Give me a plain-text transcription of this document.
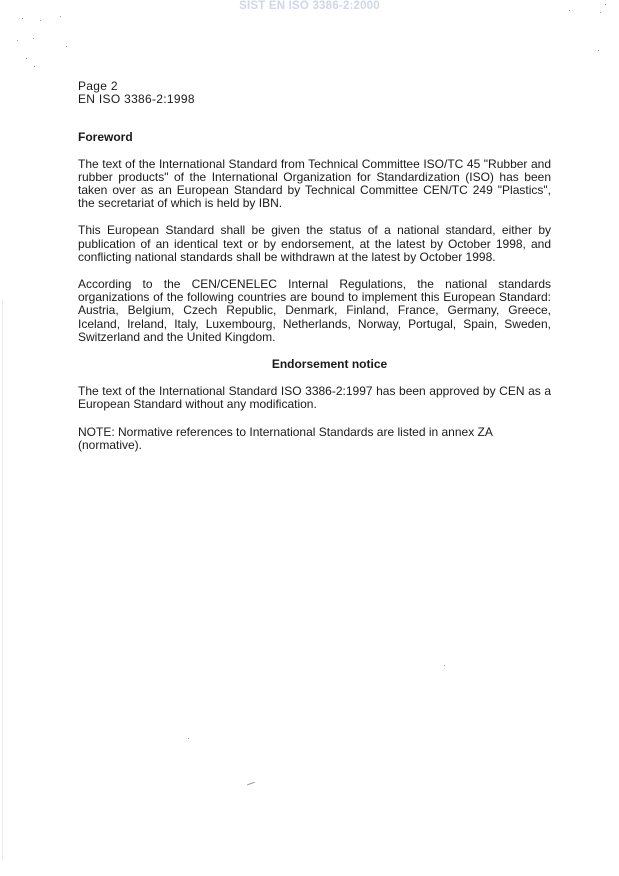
SIST EN ISO 3386-2:2000
Page 2
EN ISO 3386-2:1998
Foreword
The text of the International Standard from Technical Committee ISO/TC 45 "Rubber and rubber products" of the International Organization for Standardization (ISO) has been taken over as an European Standard by Technical Committee CEN/TC 249 "Plastics", the secretariat of which is held by IBN.
This European Standard shall be given the status of a national standard, either by publication of an identical text or by endorsement, at the latest by October 1998, and conflicting national standards shall be withdrawn at the latest by October 1998.
According to the CEN/CENELEC Internal Regulations, the national standards organizations of the following countries are bound to implement this European Standard: Austria, Belgium, Czech Republic, Denmark, Finland, France, Germany, Greece, Iceland, Ireland, Italy, Luxembourg, Netherlands, Norway, Portugal, Spain, Sweden, Switzerland and the United Kingdom.
Endorsement notice
The text of the International Standard ISO 3386-2:1997 has been approved by CEN as a European Standard without any modification.
NOTE: Normative references to International Standards are listed in annex ZA (normative).
